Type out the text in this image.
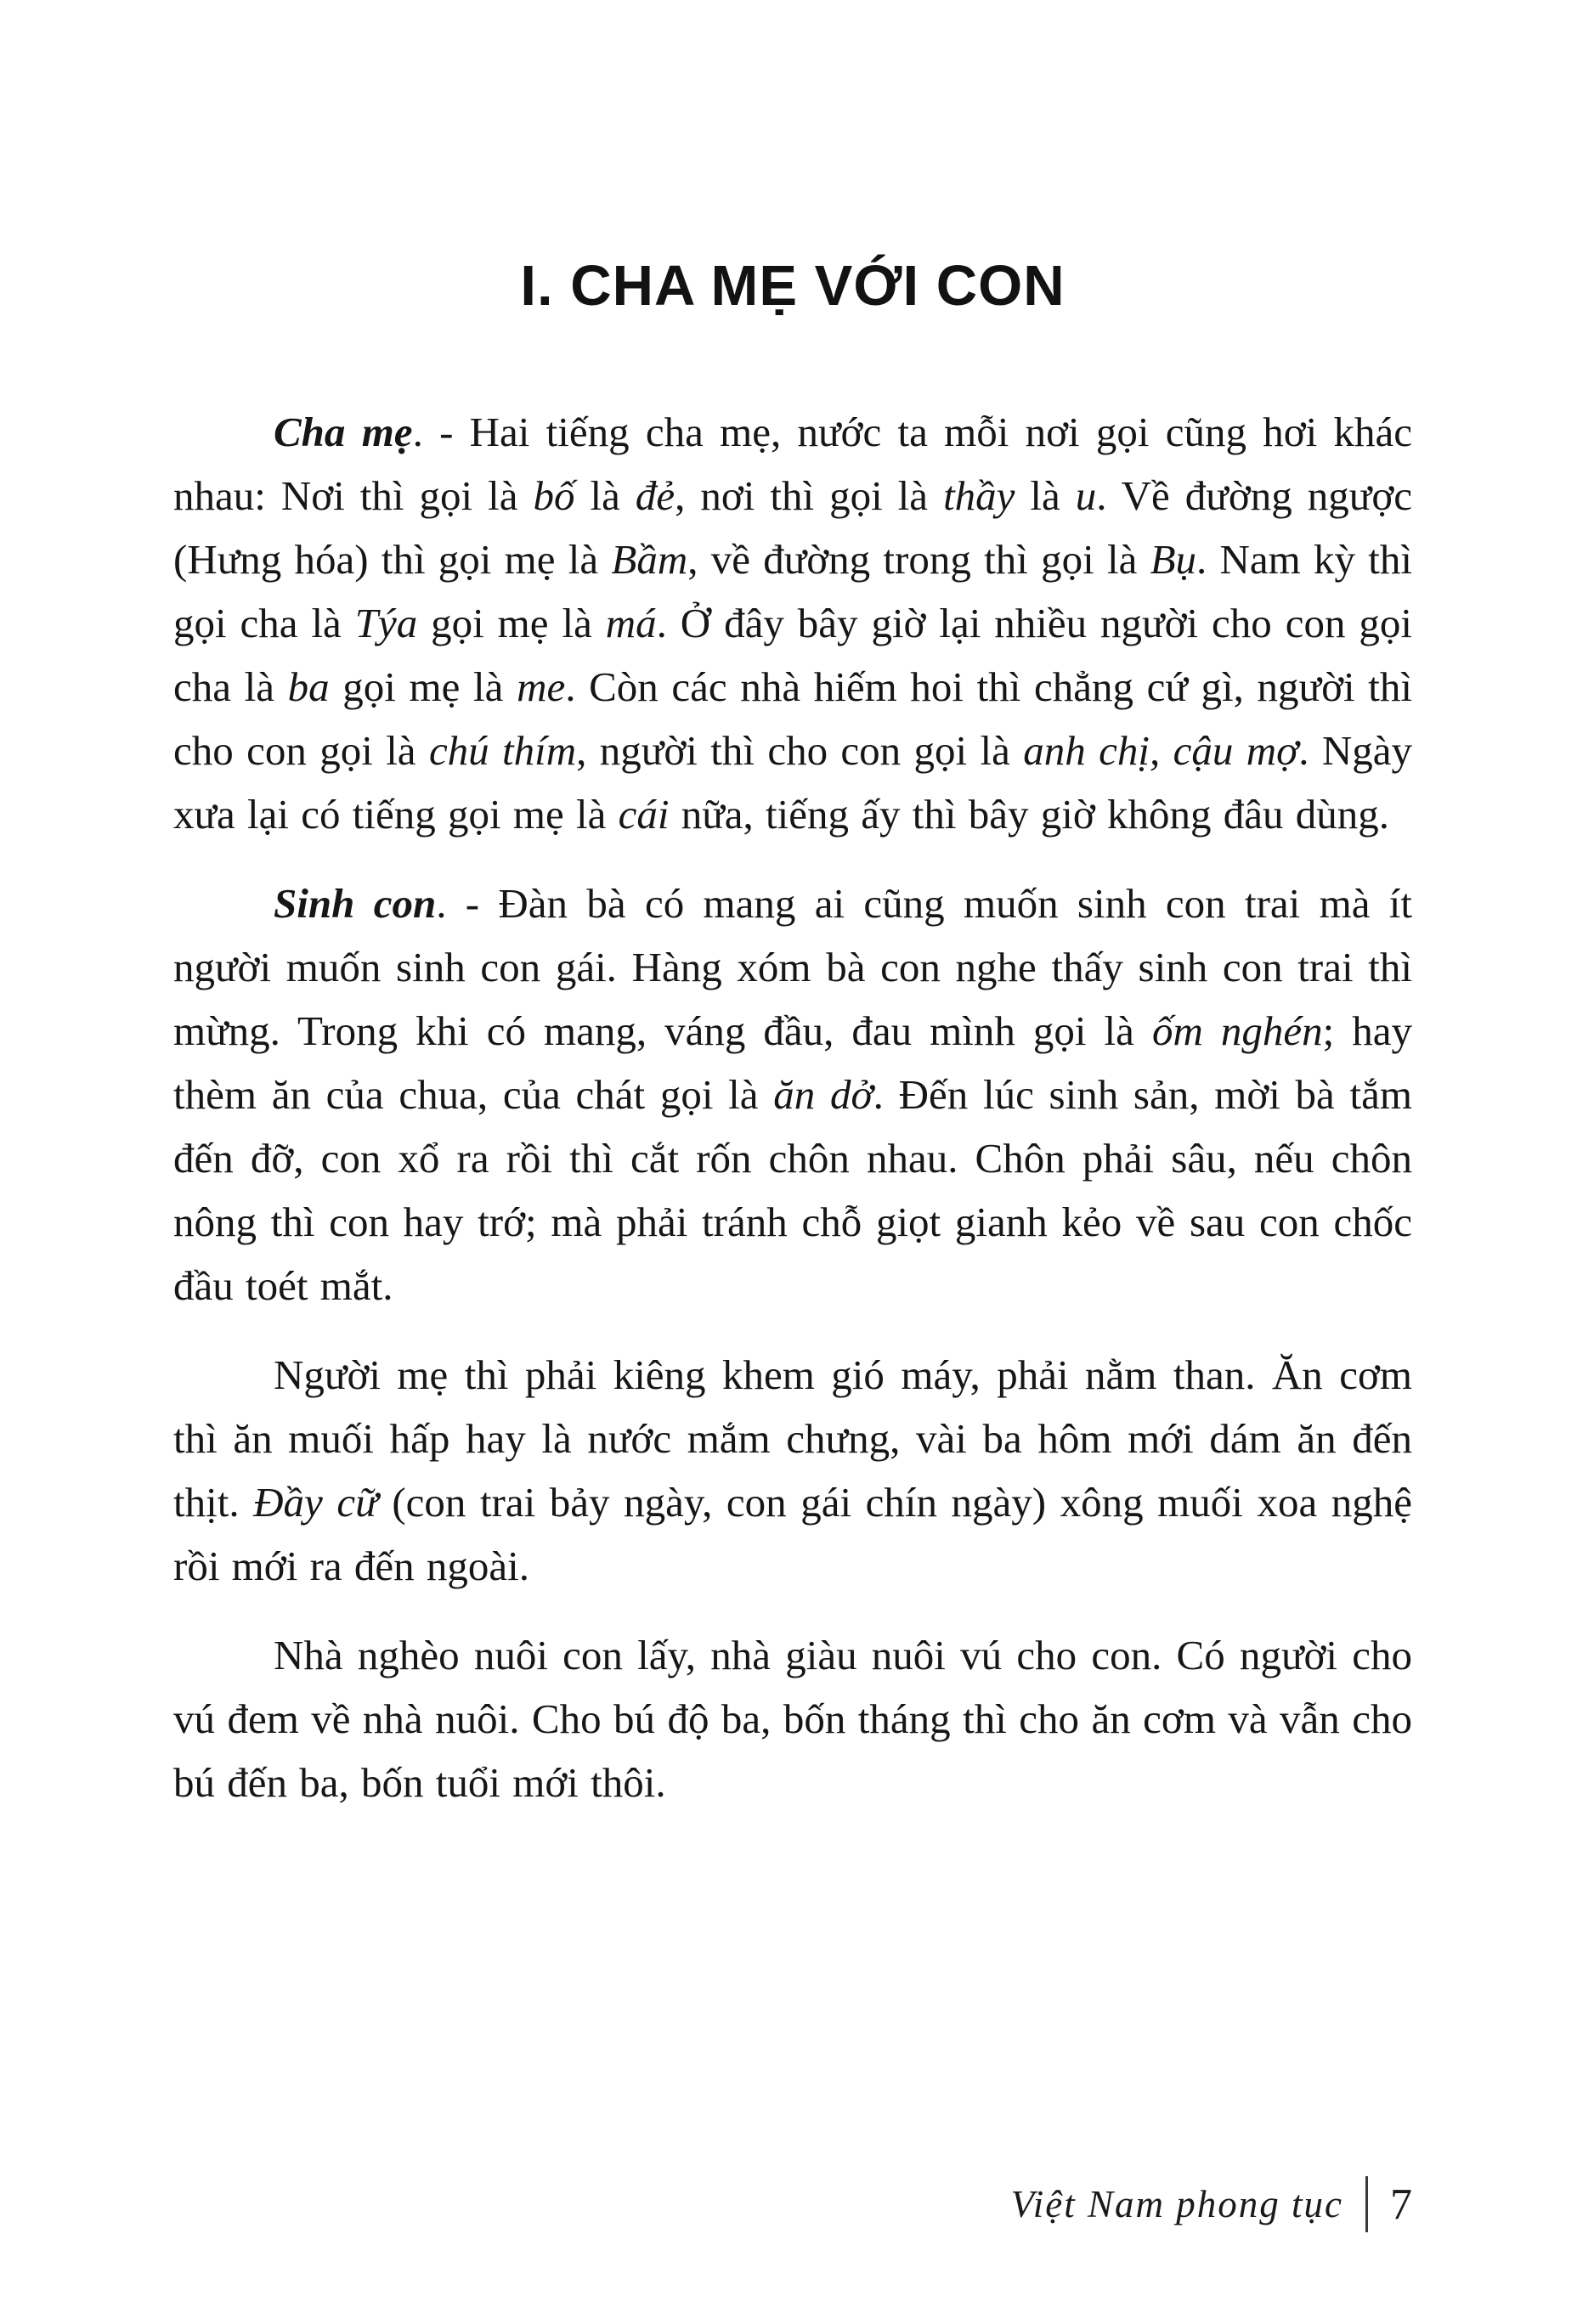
I. CHA MẸ VỚI CON

Cha mẹ. - Hai tiếng cha mẹ, nước ta mỗi nơi gọi cũng hơi khác nhau: Nơi thì gọi là bố là đẻ, nơi thì gọi là thầy là u. Về đường ngược (Hưng hóa) thì gọi mẹ là Bầm, về đường trong thì gọi là Bụ. Nam kỳ thì gọi cha là Týa gọi mẹ là má. Ở đây bây giờ lại nhiều người cho con gọi cha là ba gọi mẹ là me. Còn các nhà hiếm hoi thì chẳng cứ gì, người thì cho con gọi là chú thím, người thì cho con gọi là anh chị, cậu mợ. Ngày xưa lại có tiếng gọi mẹ là cái nữa, tiếng ấy thì bây giờ không đâu dùng.

Sinh con. - Đàn bà có mang ai cũng muốn sinh con trai mà ít người muốn sinh con gái. Hàng xóm bà con nghe thấy sinh con trai thì mừng. Trong khi có mang, váng đầu, đau mình gọi là ốm nghén; hay thèm ăn của chua, của chát gọi là ăn dở. Đến lúc sinh sản, mời bà tắm đến đỡ, con xổ ra rồi thì cắt rốn chôn nhau. Chôn phải sâu, nếu chôn nông thì con hay trớ; mà phải tránh chỗ giọt gianh kẻo về sau con chốc đầu toét mắt.

Người mẹ thì phải kiêng khem gió máy, phải nằm than. Ăn cơm thì ăn muối hấp hay là nước mắm chưng, vài ba hôm mới dám ăn đến thịt. Đầy cữ (con trai bảy ngày, con gái chín ngày) xông muối xoa nghệ rồi mới ra đến ngoài.

Nhà nghèo nuôi con lấy, nhà giàu nuôi vú cho con. Có người cho vú đem về nhà nuôi. Cho bú độ ba, bốn tháng thì cho ăn cơm và vẫn cho bú đến ba, bốn tuổi mới thôi.

Việt Nam phong tục	7
